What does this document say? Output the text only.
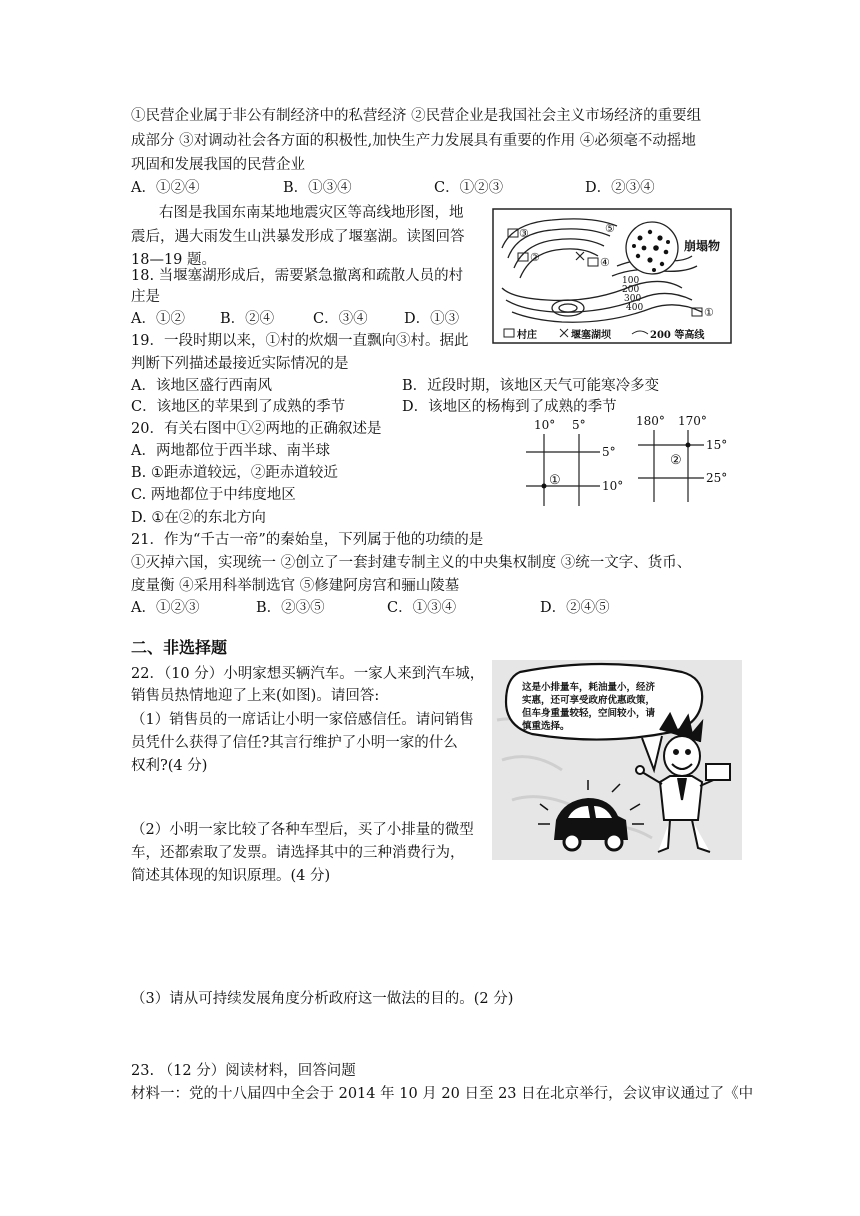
①民营企业属于非公有制经济中的私营经济 ②民营企业是我国社会主义市场经济的重要组
成部分 ③对调动社会各方面的积极性,加快生产力发展具有重要的作用 ④必须毫不动摇地
巩固和发展我国的民营企业
A．①②④	B．①③④	C．①②③	D．②③④
右图是我国东南某地地震灾区等高线地形图，地
震后，遇大雨发生山洪暴发形成了堰塞湖。读图回答
18—19 题。
崩塌物
100
200
300
400
③
②	④
⑤
①
村庄	堰塞湖坝	200 等高线
18. 当堰塞湖形成后，需要紧急撤离和疏散人员的村
庄是
A．①② B．②④	C．③④	D．①③
19．一段时期以来，①村的炊烟一直飘向③村。据此
判断下列描述最接近实际情况的是
A．该地区盛行西南风	B．近段时期，该地区天气可能寒冷多变
C．该地区的苹果到了成熟的季节	D．该地区的杨梅到了成熟的季节
20．有关右图中①②两地的正确叙述是
A．两地都位于西半球、南半球
B. ①距赤道较远，②距赤道较近
C. 两地都位于中纬度地区
D. ①在②的东北方向
10° 5°
5°
10°
①
180° 170°
15°
25°
②
21．作为“千古一帝”的秦始皇，下列属于他的功绩的是
①灭掉六国，实现统一 ②创立了一套封建专制主义的中央集权制度 ③统一文字、货币、
度量衡 ④采用科举制选官 ⑤修建阿房宫和骊山陵墓
A．①②③	B．②③⑤	C．①③④	D．②④⑤
二、非选择题
22．（10 分）小明家想买辆汽车。一家人来到汽车城，
销售员热情地迎了上来(如图)。请回答:
（1）销售员的一席话让小明一家倍感信任。请问销售
员凭什么获得了信任?其言行维护了小明一家的什么
权利?(4 分)
（2）小明一家比较了各种车型后，买了小排量的微型
车，还都索取了发票。请选择其中的三种消费行为，
简述其体现的知识原理。(4 分)
（3）请从可持续发展角度分析政府这一做法的目的。(2 分)
这是小排量车，耗油量小，经济
实惠，还可享受政府优惠政策，
但车身重量较轻，空间较小，请
慎重选择。
23. （12 分）阅读材料，回答问题
材料一：党的十八届四中全会于 2014 年 10 月 20 日至 23 日在北京举行，会议审议通过了《中
